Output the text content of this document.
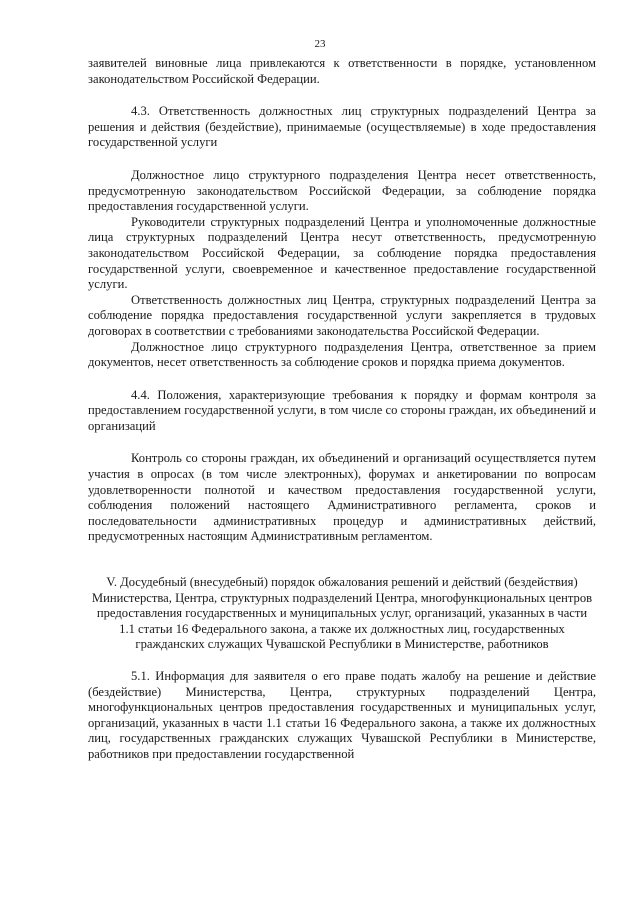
23

заявителей виновные лица привлекаются к ответственности в порядке, установленном законодательством Российской Федерации.

4.3. Ответственность должностных лиц структурных подразделений Центра за решения и действия (бездействие), принимаемые (осуществляемые) в ходе предоставления государственной услуги

Должностное лицо структурного подразделения Центра несет ответственность, предусмотренную законодательством Российской Федерации, за соблюдение порядка предоставления государственной услуги.

Руководители структурных подразделений Центра и уполномоченные должностные лица структурных подразделений Центра несут ответственность, предусмотренную законодательством Российской Федерации, за соблюдение порядка предоставления государственной услуги, своевременное и качественное предоставление государственной услуги.

Ответственность должностных лиц Центра, структурных подразделений Центра за соблюдение порядка предоставления государственной услуги закрепляется в трудовых договорах в соответствии с требованиями законодательства Российской Федерации.

Должностное лицо структурного подразделения Центра, ответственное за прием документов, несет ответственность за соблюдение сроков и порядка приема документов.

4.4. Положения, характеризующие требования к порядку и формам контроля за предоставлением государственной услуги, в том числе со стороны граждан, их объединений и организаций

Контроль со стороны граждан, их объединений и организаций осуществляется путем участия в опросах (в том числе электронных), форумах и анкетировании по вопросам удовлетворенности полнотой и качеством предоставления государственной услуги, соблюдения положений настоящего Административного регламента, сроков и последовательности административных процедур и административных действий, предусмотренных настоящим Административным регламентом.

V. Досудебный (внесудебный) порядок обжалования решений и действий (бездействия) Министерства, Центра, структурных подразделений Центра, многофункциональных центров предоставления государственных и муниципальных услуг, организаций, указанных в части 1.1 статьи 16 Федерального закона, а также их должностных лиц, государственных гражданских служащих Чувашской Республики в Министерстве, работников

5.1. Информация для заявителя о его праве подать жалобу на решение и действие (бездействие) Министерства, Центра, структурных подразделений Центра, многофункциональных центров предоставления государственных и муниципальных услуг, организаций, указанных в части 1.1 статьи 16 Федерального закона, а также их должностных лиц, государственных гражданских служащих Чувашской Республики в Министерстве, работников при предоставлении государственной
